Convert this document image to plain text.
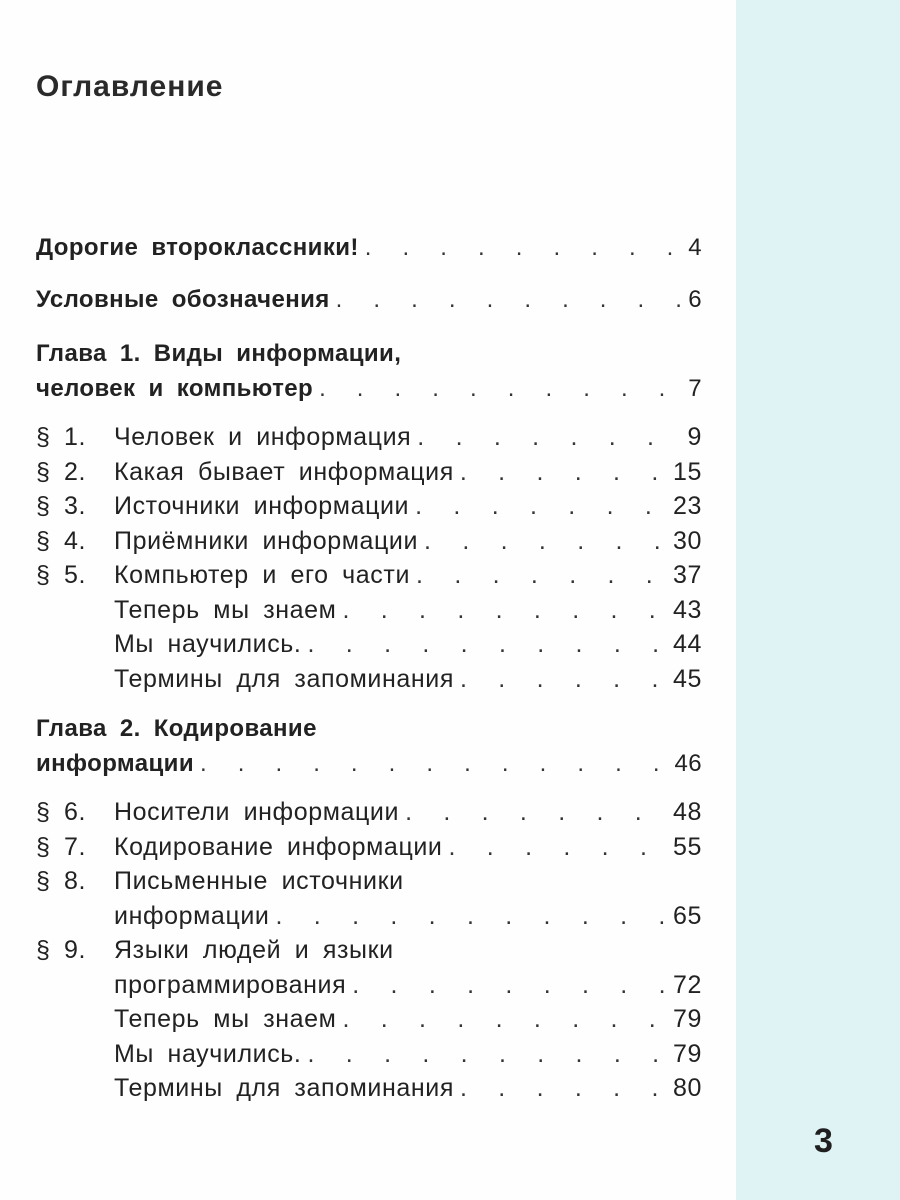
Оглавление
Дорогие второклассники! . . .	4
Условные обозначения . . .	6
Глава 1. Виды информации,
человек и компьютер . . .	7
§ 1.	Человек и информация . . .	9
§ 2.	Какая бывает информация . . .	15
§ 3.	Источники информации . . .	23
§ 4.	Приёмники информации . . .	30
§ 5.	Компьютер и его части . . .	37
Теперь мы знаем . . .	43
Мы научились. . . .	44
Термины для запоминания . . .	45
Глава 2. Кодирование
информации . . .	46
§ 6.	Носители информации . . .	48
§ 7.	Кодирование информации . . .	55
§ 8.	Письменные источники
информации . . .	65
§ 9.	Языки людей и языки
программирования . . .	72
Теперь мы знаем . . .	79
Мы научились. . . .	79
Термины для запоминания . . .	80
3
